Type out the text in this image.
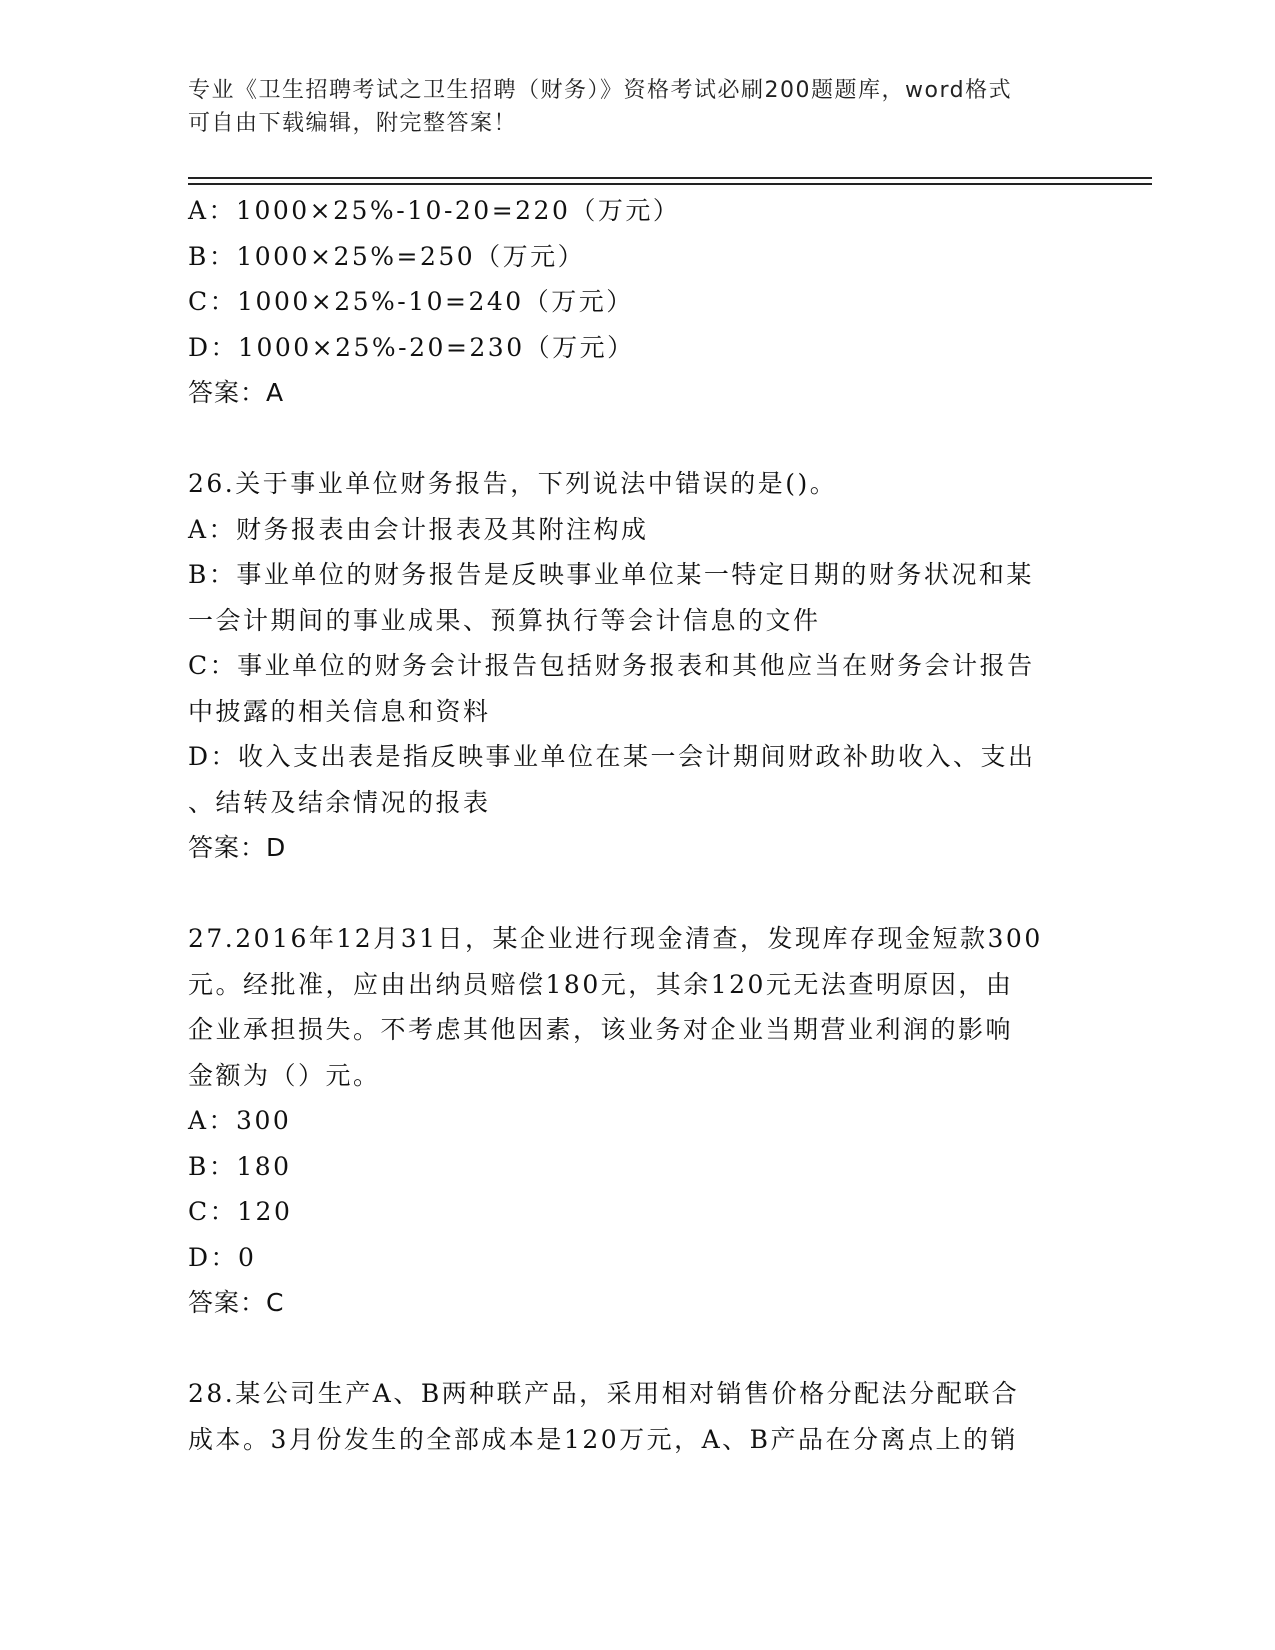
专业《卫生招聘考试之卫生招聘（财务）》资格考试必刷200题题库，word格式
可自由下载编辑，附完整答案！
A：1000×25%-10-20=220（万元）
B：1000×25%=250（万元）
C：1000×25%-10=240（万元）
D：1000×25%-20=230（万元）
答案：A
26.关于事业单位财务报告，下列说法中错误的是()。
A：财务报表由会计报表及其附注构成
B：事业单位的财务报告是反映事业单位某一特定日期的财务状况和某
一会计期间的事业成果、预算执行等会计信息的文件
C：事业单位的财务会计报告包括财务报表和其他应当在财务会计报告
中披露的相关信息和资料
D：收入支出表是指反映事业单位在某一会计期间财政补助收入、支出
、结转及结余情况的报表
答案：D
27.2016年12月31日，某企业进行现金清查，发现库存现金短款300
元。经批准，应由出纳员赔偿180元，其余120元无法查明原因，由
企业承担损失。不考虑其他因素，该业务对企业当期营业利润的影响
金额为（）元。
A：300
B：180
C：120
D：0
答案：C
28.某公司生产A、B两种联产品，采用相对销售价格分配法分配联合
成本。3月份发生的全部成本是120万元，A、B产品在分离点上的销
